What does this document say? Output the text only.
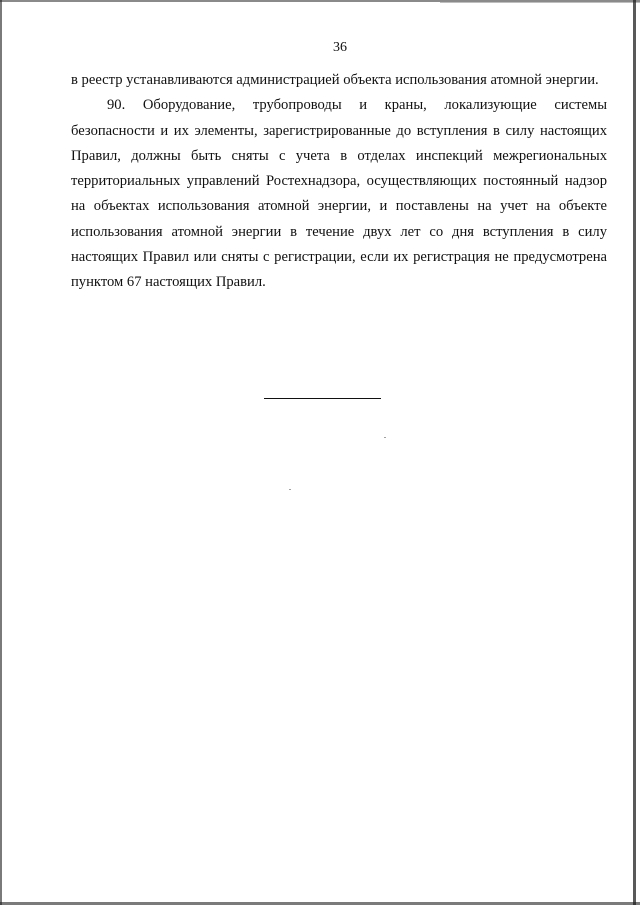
36

в реестр устанавливаются администрацией объекта использования атомной энергии.

90. Оборудование, трубопроводы и краны, локализующие системы безопасности и их элементы, зарегистрированные до вступления в силу настоящих Правил, должны быть сняты с учета в отделах инспекций межрегиональных территориальных управлений Ростехнадзора, осуществляющих постоянный надзор на объектах использования атомной энергии, и поставлены на учет на объекте использования атомной энергии в течение двух лет со дня вступления в силу настоящих Правил или сняты с регистрации, если их регистрация не предусмотрена пунктом 67 настоящих Правил.
